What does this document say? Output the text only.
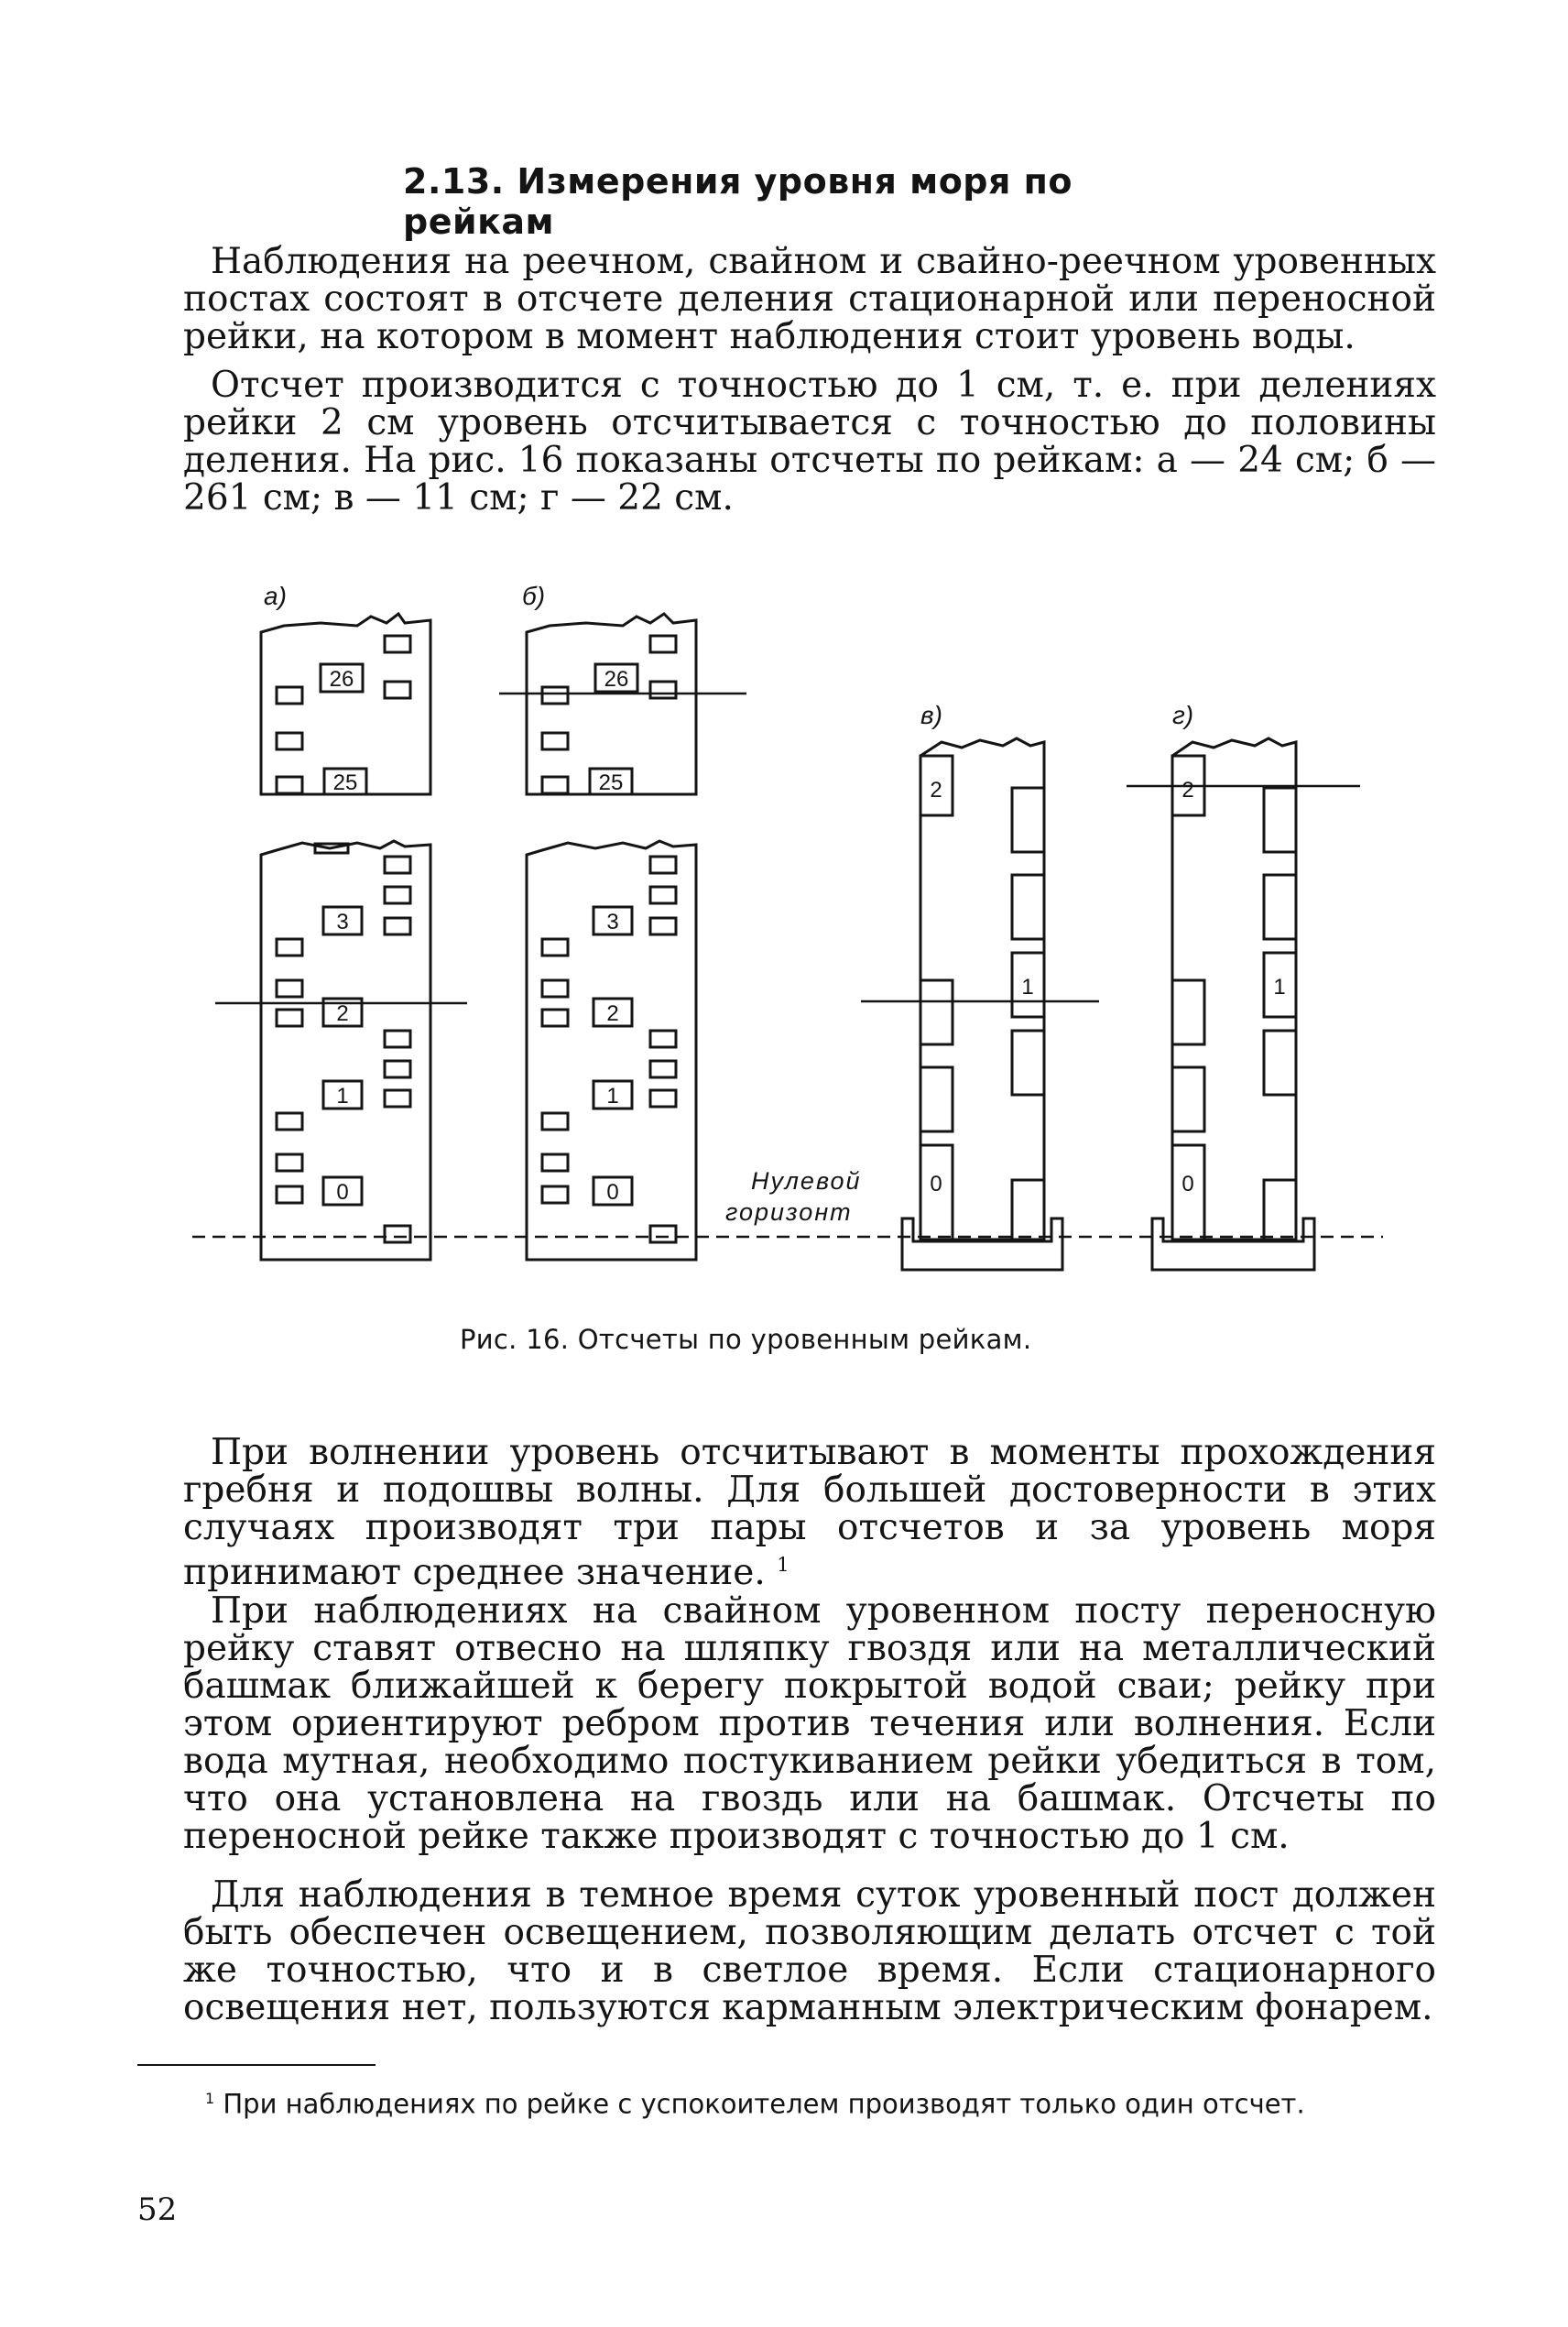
2.13. Измерения уровня моря по рейкам

Наблюдения на реечном, свайном и свайно-реечном уровенных постах состоят в отсчете деления стационарной или переносной рейки, на котором в момент наблюдения стоит уровень воды.

Отсчет производится с точностью до 1 см, т. е. при делениях рейки 2 см уровень отсчитывается с точностью до половины деления. На рис. 16 показаны отсчеты по рейкам: а — 24 см; б — 261 см; в — 11 см; г — 22 см.

а)	б)
в)	г)
26
25
3
2
1
0
26
25
3
2
1
0
2
1
0
2
1
0
Нулевой
горизонт
Рис. 16. Отсчеты по уровенным рейкам.

При волнении уровень отсчитывают в моменты прохождения гребня и подошвы волны. Для большей достоверности в этих случаях производят три пары отсчетов и за уровень моря принимают среднее значение. $^1$

При наблюдениях на свайном уровенном посту переносную рейку ставят отвесно на шляпку гвоздя или на металлический башмак ближайшей к берегу покрытой водой сваи; рейку при этом ориентируют ребром против течения или волнения. Если вода мутная, необходимо постукиванием рейки убедиться в том, что она установлена на гвоздь или на башмак. Отсчеты по переносной рейке также производят с точностью до 1 см.

Для наблюдения в темное время суток уровенный пост должен быть обеспечен освещением, позволяющим делать отсчет с той же точностью, что и в светлое время. Если стационарного освещения нет, пользуются карманным электрическим фонарем.

$^1$ При наблюдениях по рейке с успокоителем производят только один отсчет.

52
